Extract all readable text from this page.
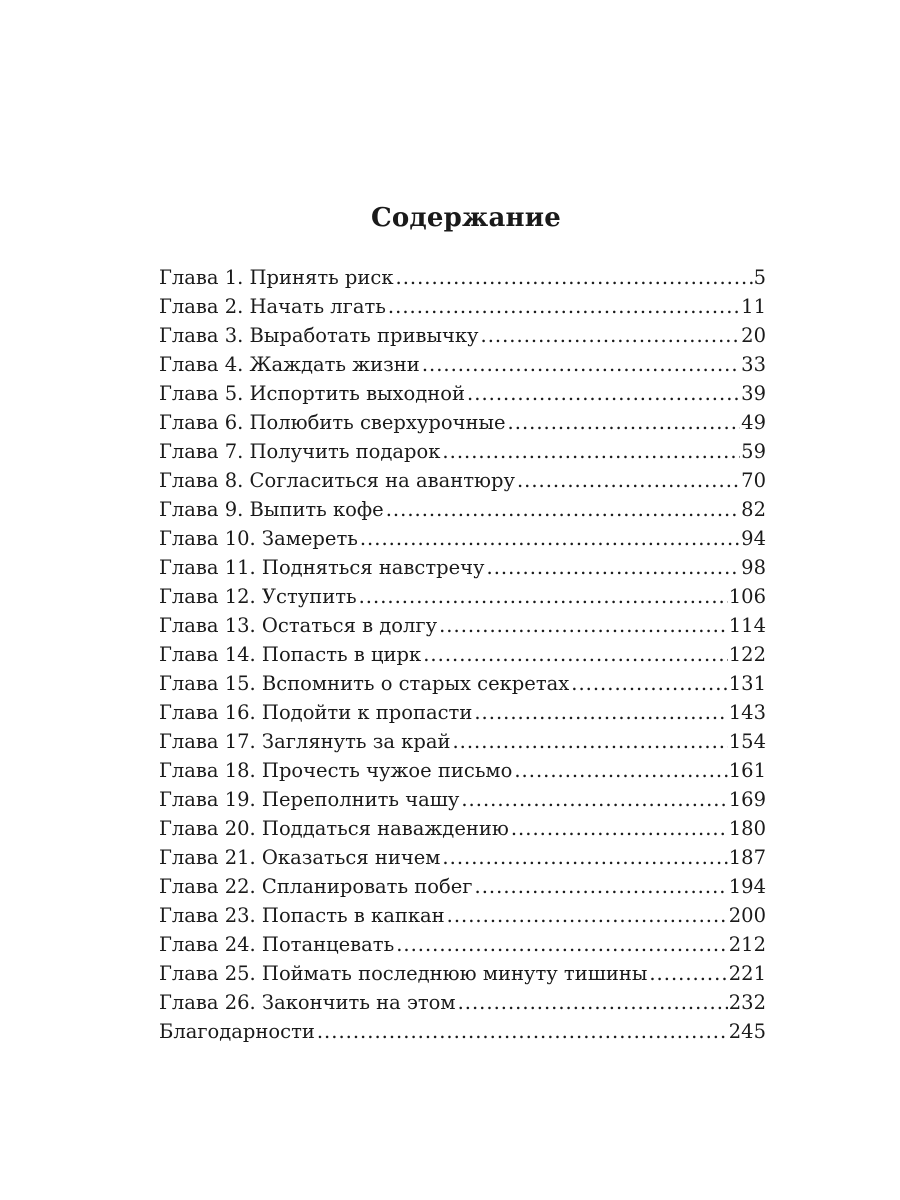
Содержание
Глава 1. Принять риск .....	5
Глава 2. Начать лгать .....	11
Глава 3. Выработать привычку .....	20
Глава 4. Жаждать жизни .....	33
Глава 5. Испортить выходной .....	39
Глава 6. Полюбить сверхурочные .....	49
Глава 7. Получить подарок .....	59
Глава 8. Согласиться на авантюру .....	70
Глава 9. Выпить кофе .....	82
Глава 10. Замереть .....	94
Глава 11. Подняться навстречу .....	98
Глава 12. Уступить .....	106
Глава 13. Остаться в долгу .....	114
Глава 14. Попасть в цирк .....	122
Глава 15. Вспомнить о старых секретах .....	131
Глава 16. Подойти к пропасти .....	143
Глава 17. Заглянуть за край .....	154
Глава 18. Прочесть чужое письмо .....	161
Глава 19. Переполнить чашу .....	169
Глава 20. Поддаться наваждению .....	180
Глава 21. Оказаться ничем .....	187
Глава 22. Спланировать побег .....	194
Глава 23. Попасть в капкан .....	200
Глава 24. Потанцевать .....	212
Глава 25. Поймать последнюю минуту тишины .....	221
Глава 26. Закончить на этом .....	232
Благодарности .....	245
